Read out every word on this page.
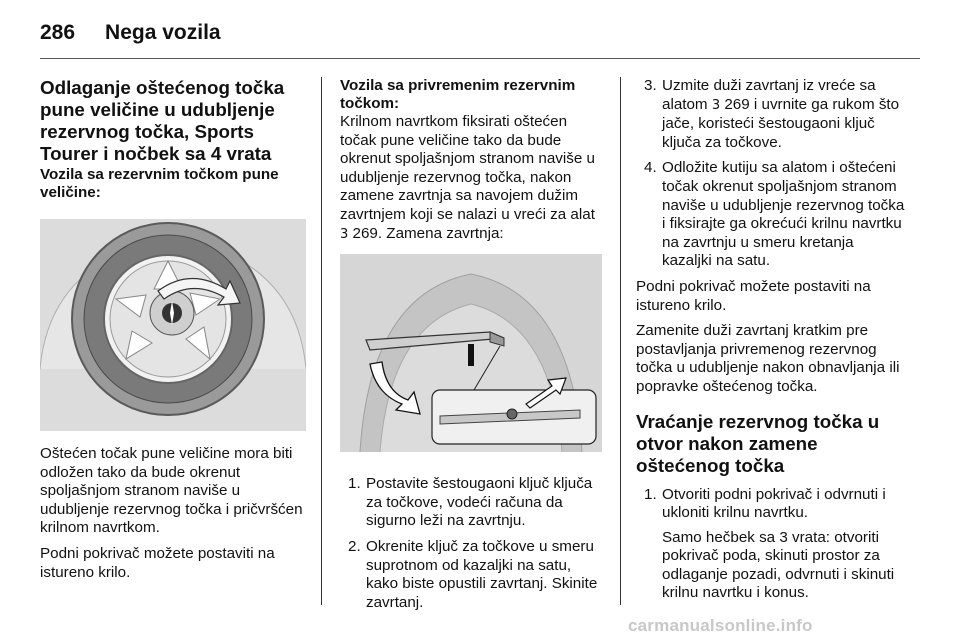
286 Nega vozila
Odlaganje oštećenog točka pune veličine u udubljenje rezervnog točka, Sports Tourer i nočbek sa 4 vrata
Vozila sa rezervnim točkom pune veličine:

Oštećen točak pune veličine mora biti odložen tako da bude okrenut spoljašnjom stranom naviše u udubljenje rezervnog točka i pričvršćen krilnom navrtkom.

Podni pokrivač možete postaviti na istureno krilo.

Vozila sa privremenim rezervnim točkom:

Krilnom navrtkom fiksirati oštećen točak pune veličine tako da bude okrenut spoljašnjom stranom naviše u udubljenje rezervnog točka, nakon zamene zavrtnja sa navojem dužim zavrtnjem koji se nalazi u vreći za alat 3 269. Zamena zavrtnja:

1. Postavite šestougaoni ključ ključa za točkove, vodeći računa da sigurno leži na zavrtnju.
2. Okrenite ključ za točkove u smeru suprotnom od kazaljki na satu, kako biste opustili zavrtanj. Skinite zavrtanj.
3. Uzmite duži zavrtanj iz vreće sa alatom 3 269 i uvrnite ga rukom što jače, koristeći šestougaoni ključ ključa za točkove.
4. Odložite kutiju sa alatom i oštećeni točak okrenut spoljašnjom stranom naviše u udubljenje rezervnog točka i fiksirajte ga okrećući krilnu navrtku na zavrtnju u smeru kretanja kazaljki na satu.

Podni pokrivač možete postaviti na istureno krilo.

Zamenite duži zavrtanj kratkim pre postavljanja privremenog rezervnog točka u udubljenje nakon obnavljanja ili popravke oštećenog točka.

Vraćanje rezervnog točka u otvor nakon zamene oštećenog točka
1. Otvoriti podni pokrivač i odvrnuti i ukloniti krilnu navrtku.
Samo hečbek sa 3 vrata: otvoriti pokrivač poda, skinuti prostor za odlaganje pozadi, odvrnuti i skinuti krilnu navrtku i konus.
carmanualsonline.info
